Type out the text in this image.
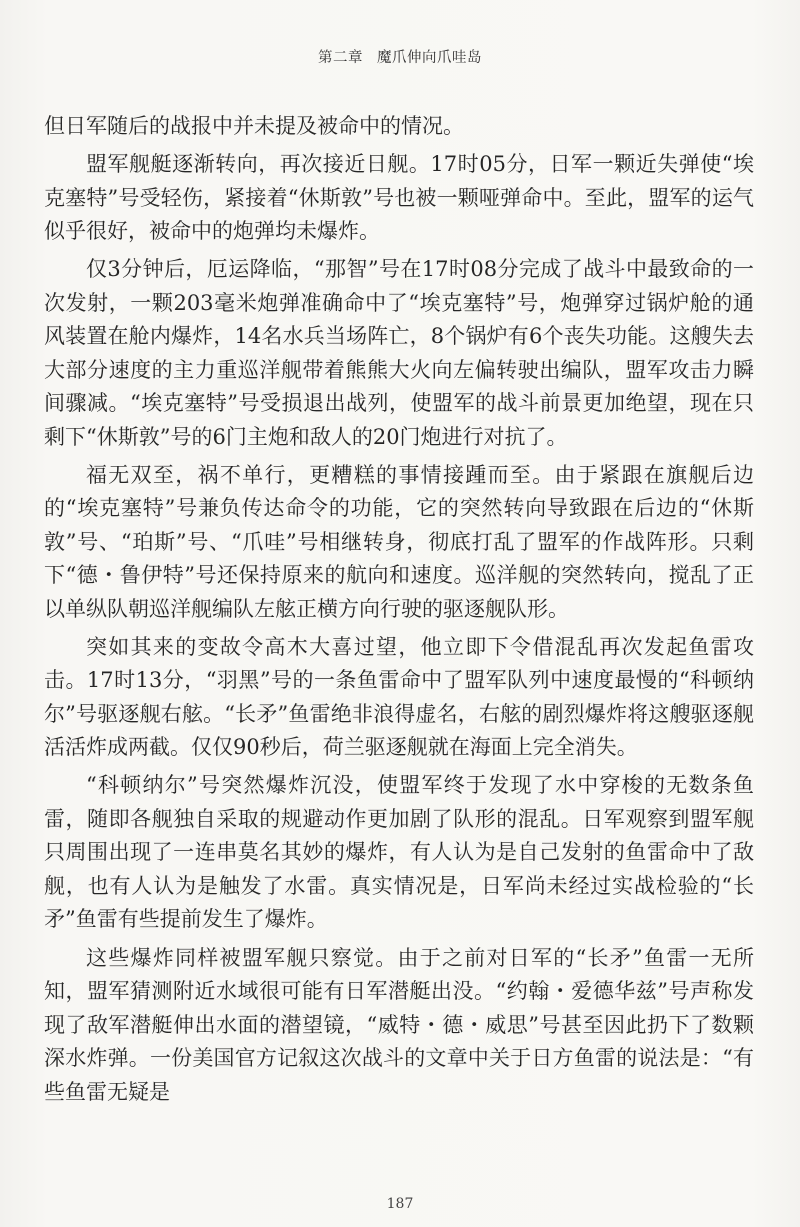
第二章 魔爪伸向爪哇岛

但日军随后的战报中并未提及被命中的情况。

盟军舰艇逐渐转向，再次接近日舰。17时05分，日军一颗近失弹使“埃克塞特”号受轻伤，紧接着“休斯敦”号也被一颗哑弹命中。至此，盟军的运气似乎很好，被命中的炮弹均未爆炸。

仅3分钟后，厄运降临，“那智”号在17时08分完成了战斗中最致命的一次发射，一颗203毫米炮弹准确命中了“埃克塞特”号，炮弹穿过锅炉舱的通风装置在舱内爆炸，14名水兵当场阵亡，8个锅炉有6个丧失功能。这艘失去大部分速度的主力重巡洋舰带着熊熊大火向左偏转驶出编队，盟军攻击力瞬间骤减。“埃克塞特”号受损退出战列，使盟军的战斗前景更加绝望，现在只剩下“休斯敦”号的6门主炮和敌人的20门炮进行对抗了。

福无双至，祸不单行，更糟糕的事情接踵而至。由于紧跟在旗舰后边的“埃克塞特”号兼负传达命令的功能，它的突然转向导致跟在后边的“休斯敦”号、“珀斯”号、“爪哇”号相继转身，彻底打乱了盟军的作战阵形。只剩下“德・鲁伊特”号还保持原来的航向和速度。巡洋舰的突然转向，搅乱了正以单纵队朝巡洋舰编队左舷正横方向行驶的驱逐舰队形。

突如其来的变故令高木大喜过望，他立即下令借混乱再次发起鱼雷攻击。17时13分，“羽黑”号的一条鱼雷命中了盟军队列中速度最慢的“科顿纳尔”号驱逐舰右舷。“长矛”鱼雷绝非浪得虚名，右舷的剧烈爆炸将这艘驱逐舰活活炸成两截。仅仅90秒后，荷兰驱逐舰就在海面上完全消失。

“科顿纳尔”号突然爆炸沉没，使盟军终于发现了水中穿梭的无数条鱼雷，随即各舰独自采取的规避动作更加剧了队形的混乱。日军观察到盟军舰只周围出现了一连串莫名其妙的爆炸，有人认为是自己发射的鱼雷命中了敌舰，也有人认为是触发了水雷。真实情况是，日军尚未经过实战检验的“长矛”鱼雷有些提前发生了爆炸。

这些爆炸同样被盟军舰只察觉。由于之前对日军的“长矛”鱼雷一无所知，盟军猜测附近水域很可能有日军潜艇出没。“约翰・爱德华兹”号声称发现了敌军潜艇伸出水面的潜望镜，“威特・德・威思”号甚至因此扔下了数颗深水炸弹。一份美国官方记叙这次战斗的文章中关于日方鱼雷的说法是：“有些鱼雷无疑是

187
